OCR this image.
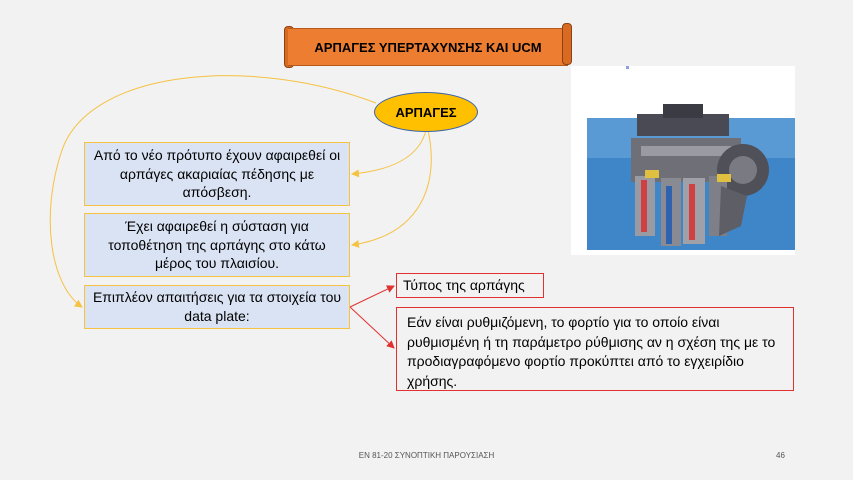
ΑΡΠΑΓΕΣ ΥΠΕΡΤΑΧΥΝΣΗΣ ΚΑΙ UCM
ΑΡΠΑΓΕΣ
Από το νέο πρότυπο έχουν αφαιρεθεί οι αρπάγες ακαριαίας πέδησης με απόσβεση.
Έχει αφαιρεθεί η σύσταση για τοποθέτηση της αρπάγης στο κάτω μέρος του πλαισίου.
Επιπλέον απαιτήσεις για τα στοιχεία του data plate:
Τύπος της αρπάγης
Εάν είναι ρυθμιζόμενη, το φορτίο για το οποίο είναι ρυθμισμένη ή τη παράμετρο ρύθμισης αν η σχέση της με το προδιαγραφόμενο φορτίο προκύπτει από το εγχειρίδιο χρήσης.
ΕΝ 81-20 ΣΥΝΟΠΤΙΚΗ ΠΑΡΟΥΣΙΑΣΗ	46
